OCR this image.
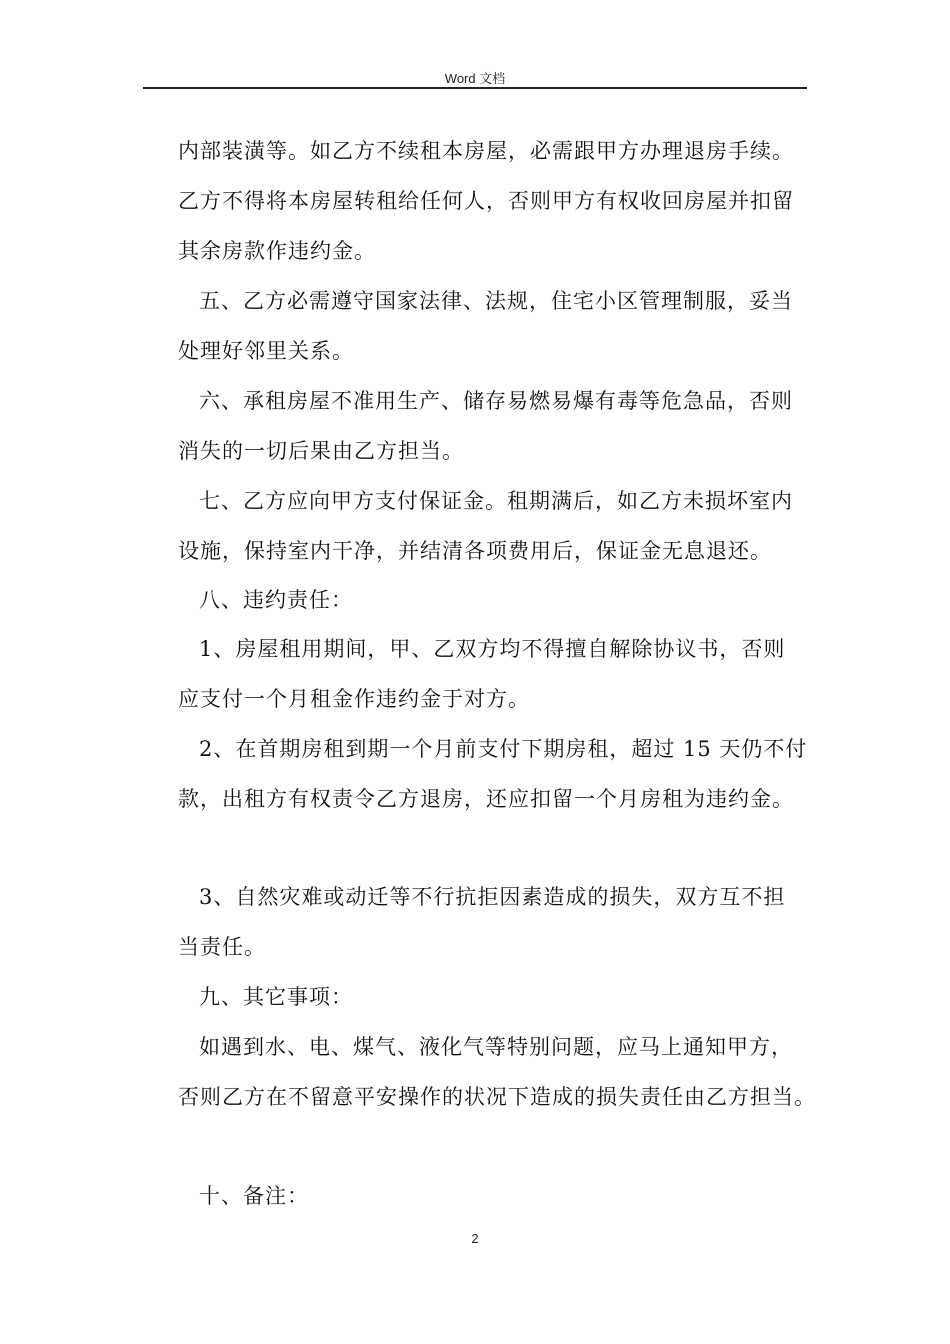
Word 文档
内部装潢等。如乙方不续租本房屋，必需跟甲方办理退房手续。
乙方不得将本房屋转租给任何人，否则甲方有权收回房屋并扣留
其余房款作违约金。
五、乙方必需遵守国家法律、法规，住宅小区管理制服，妥当
处理好邻里关系。
六、承租房屋不准用生产、储存易燃易爆有毒等危急品，否则
消失的一切后果由乙方担当。
七、乙方应向甲方支付保证金。租期满后，如乙方未损坏室内
设施，保持室内干净，并结清各项费用后，保证金无息退还。
八、违约责任：
1、房屋租用期间，甲、乙双方均不得擅自解除协议书，否则
应支付一个月租金作违约金于对方。
2、在首期房租到期一个月前支付下期房租，超过 15 天仍不付
款，出租方有权责令乙方退房，还应扣留一个月房租为违约金。
3、自然灾难或动迁等不行抗拒因素造成的损失，双方互不担
当责任。
九、其它事项：
如遇到水、电、煤气、液化气等特别问题，应马上通知甲方，
否则乙方在不留意平安操作的状况下造成的损失责任由乙方担当。
十、备注：
2
